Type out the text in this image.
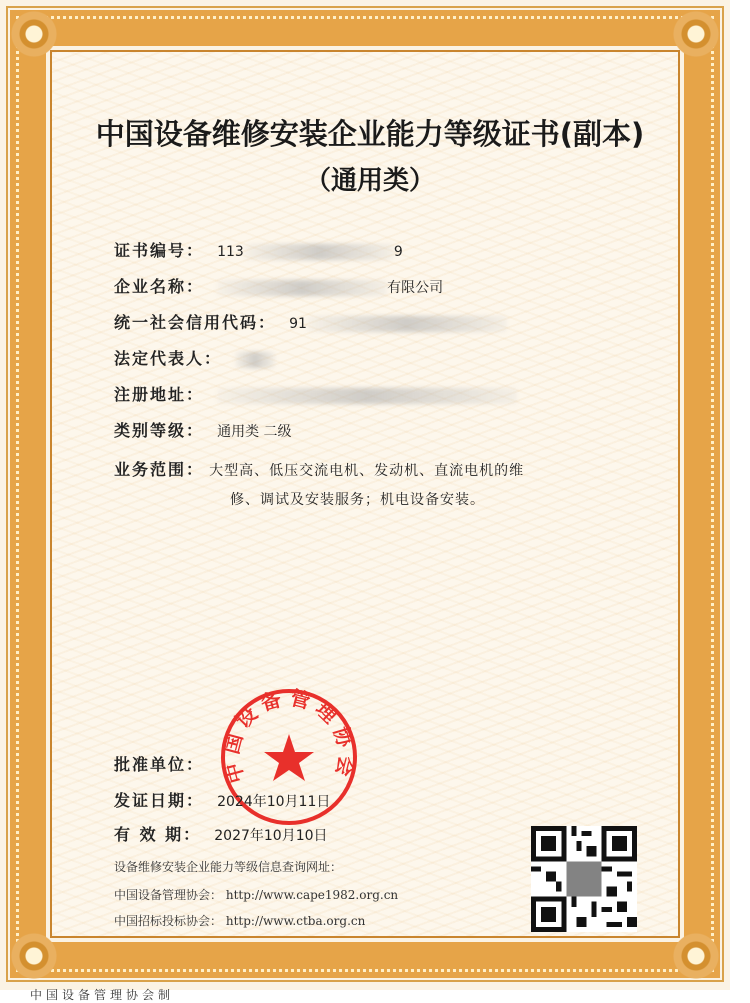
中国设备维修安装企业能力等级证书(副本)
（通用类）
证书编号： 113	9
企业名称：	有限公司
统一社会信用代码： 91
法定代表人：
注册地址：
类别等级： 通用类 二级
业务范围： 大型高、低压交流电机、发动机、直流电机的维
修、调试及安装服务；机电设备安装。
中国设备管理协会
批准单位：
发证日期： 2024年10月11日
有 效 期： 2027年10月10日
设备维修安装企业能力等级信息查询网址：
中国设备管理协会： http://www.cape1982.org.cn
中国招标投标协会： http://www.ctba.org.cn
中国设备管理协会制
